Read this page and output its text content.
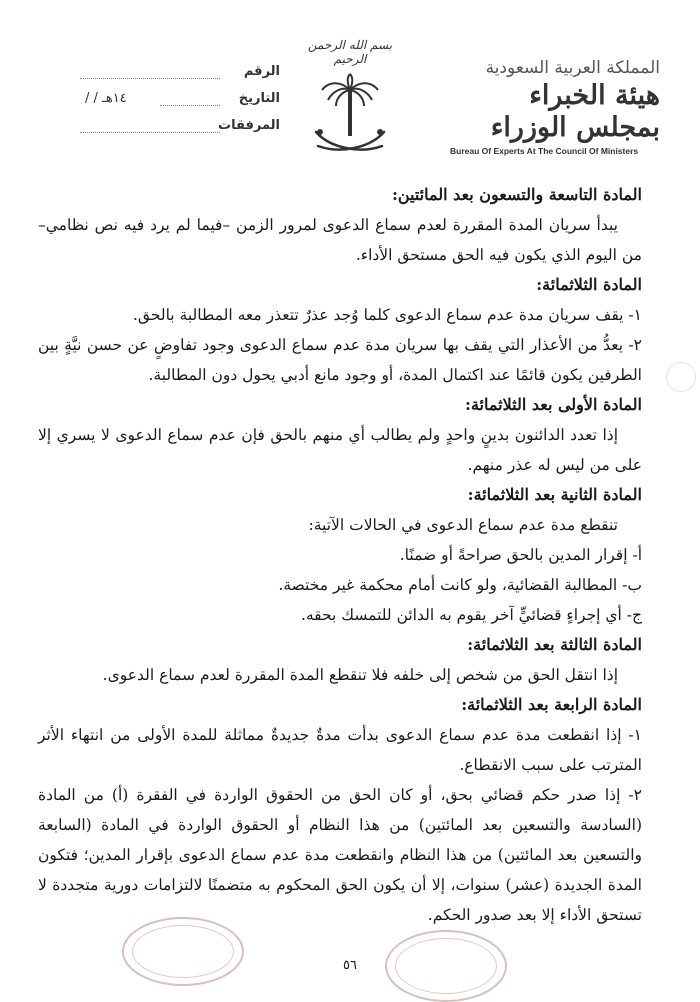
المملكة العربية السعودية
هيئة الخبراء بمجلس الوزراء
Bureau Of Experts At The Council Of Ministers
بسم الله الرحمن الرحيم
الرقم
التاريخ
/ / ١٤هـ
المرفقات
المادة التاسعة والتسعون بعد المائتين:

يبدأ سريان المدة المقررة لعدم سماع الدعوى لمرور الزمن –فيما لم يرد فيه نص نظامي– من اليوم الذي يكون فيه الحق مستحق الأداء.

المادة الثلاثمائة:

١- يقف سريان مدة عدم سماع الدعوى كلما وُجد عذرٌ تتعذر معه المطالبة بالحق.

٢- يعدُّ من الأعذار التي يقف بها سريان مدة عدم سماع الدعوى وجود تفاوضٍ عن حسن نيَّةٍ بين الطرفين يكون قائمًا عند اكتمال المدة، أو وجود مانع أدبي يحول دون المطالبة.

المادة الأولى بعد الثلاثمائة:

إذا تعدد الدائنون بدينٍ واحدٍ ولم يطالب أي منهم بالحق فإن عدم سماع الدعوى لا يسري إلا على من ليس له عذر منهم.

المادة الثانية بعد الثلاثمائة:

تنقطع مدة عدم سماع الدعوى في الحالات الآتية:

أ- إقرار المدين بالحق صراحةً أو ضمنًا.

ب- المطالبة القضائية، ولو كانت أمام محكمة غير مختصة.

ج- أي إجراءٍ قضائيٍّ آخر يقوم به الدائن للتمسك بحقه.

المادة الثالثة بعد الثلاثمائة:

إذا انتقل الحق من شخص إلى خلفه فلا تنقطع المدة المقررة لعدم سماع الدعوى.

المادة الرابعة بعد الثلاثمائة:

١- إذا انقطعت مدة عدم سماع الدعوى بدأت مدةٌ جديدةٌ مماثلة للمدة الأولى من انتهاء الأثر المترتب على سبب الانقطاع.

٢- إذا صدر حكم قضائي بحق، أو كان الحق من الحقوق الواردة في الفقرة (أ) من المادة (السادسة والتسعين بعد المائتين) من هذا النظام أو الحقوق الواردة في المادة (السابعة والتسعين بعد المائتين) من هذا النظام وانقطعت مدة عدم سماع الدعوى بإقرار المدين؛ فتكون المدة الجديدة (عشر) سنوات، إلا أن يكون الحق المحكوم به متضمنًا لالتزامات دورية متجددة لا تستحق الأداء إلا بعد صدور الحكم.

٥٦
